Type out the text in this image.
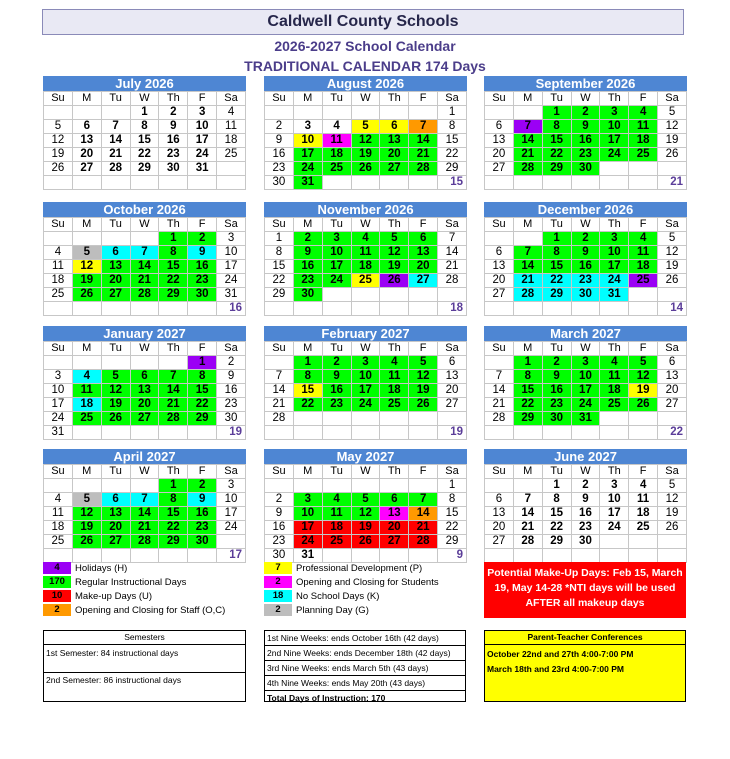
Caldwell County Schools
2026-2027 School Calendar
TRADITIONAL CALENDAR 174 Days
July 2026
Su	M	Tu	W	Th	F	Sa
			1	2	3	4
5	6	7	8	9	10	11
12	13	14	15	16	17	18
19	20	21	22	23	24	25
26	27	28	29	30	31	

August 2026
Su	M	Tu	W	Th	F	Sa
						1
2	3	4	5	6	7	8
9	10	11	12	13	14	15
16	17	18	19	20	21	22
23	24	25	26	27	28	29
30	31					15
September 2026
Su	M	Tu	W	Th	F	Sa
		1	2	3	4	5
6	7	8	9	10	11	12
13	14	15	16	17	18	19
20	21	22	23	24	25	26
27	28	29	30			
						21
October 2026
Su	M	Tu	W	Th	F	Sa
				1	2	3
4	5	6	7	8	9	10
11	12	13	14	15	16	17
18	19	20	21	22	23	24
25	26	27	28	29	30	31
						16
November 2026
Su	M	Tu	W	Th	F	Sa
1	2	3	4	5	6	7
8	9	10	11	12	13	14
15	16	17	18	19	20	21
22	23	24	25	26	27	28
29	30					
						18
December 2026
Su	M	Tu	W	Th	F	Sa
		1	2	3	4	5
6	7	8	9	10	11	12
13	14	15	16	17	18	19
20	21	22	23	24	25	26
27	28	29	30	31		
						14
January 2027
Su	M	Tu	W	Th	F	Sa
					1	2
3	4	5	6	7	8	9
10	11	12	13	14	15	16
17	18	19	20	21	22	23
24	25	26	27	28	29	30
31						19
February 2027
Su	M	Tu	W	Th	F	Sa
	1	2	3	4	5	6
7	8	9	10	11	12	13
14	15	16	17	18	19	20
21	22	23	24	25	26	27
28						
						19
March 2027
Su	M	Tu	W	Th	F	Sa
	1	2	3	4	5	6
7	8	9	10	11	12	13
14	15	16	17	18	19	20
21	22	23	24	25	26	27
28	29	30	31			
						22
April 2027
Su	M	Tu	W	Th	F	Sa
				1	2	3
4	5	6	7	8	9	10
11	12	13	14	15	16	17
18	19	20	21	22	23	24
25	26	27	28	29	30	
						17
May 2027
Su	M	Tu	W	Th	F	Sa
						1
2	3	4	5	6	7	8
9	10	11	12	13	14	15
16	17	18	19	20	21	22
23	24	25	26	27	28	29
30	31					9
June 2027
Su	M	Tu	W	Th	F	Sa
		1	2	3	4	5
6	7	8	9	10	11	12
13	14	15	16	17	18	19
20	21	22	23	24	25	26
27	28	29	30			

4 Holidays (H)
170 Regular Instructional Days
10 Make-up Days (U)
2 Opening and Closing for Staff (O,C)
7 Professional Development (P)
2 Opening and Closing for Students
18 No School Days (K)
2 Planning Day (G)
Potential Make-Up Days: Feb 15, March 19, May 14-28 *NTI days will be used AFTER all makeup days
Semesters
1st Semester: 84 instructional days
2nd Semester: 86 instructional days
1st Nine Weeks: ends October 16th (42 days)
2nd Nine Weeks: ends December 18th (42 days)
3rd Nine Weeks: ends March 5th (43 days)
4th Nine Weeks: ends May 20th (43 days)
Total Days of Instruction: 170
Parent-Teacher Conferences
October 22nd and 27th 4:00-7:00 PM
March 18th and 23rd 4:00-7:00 PM
